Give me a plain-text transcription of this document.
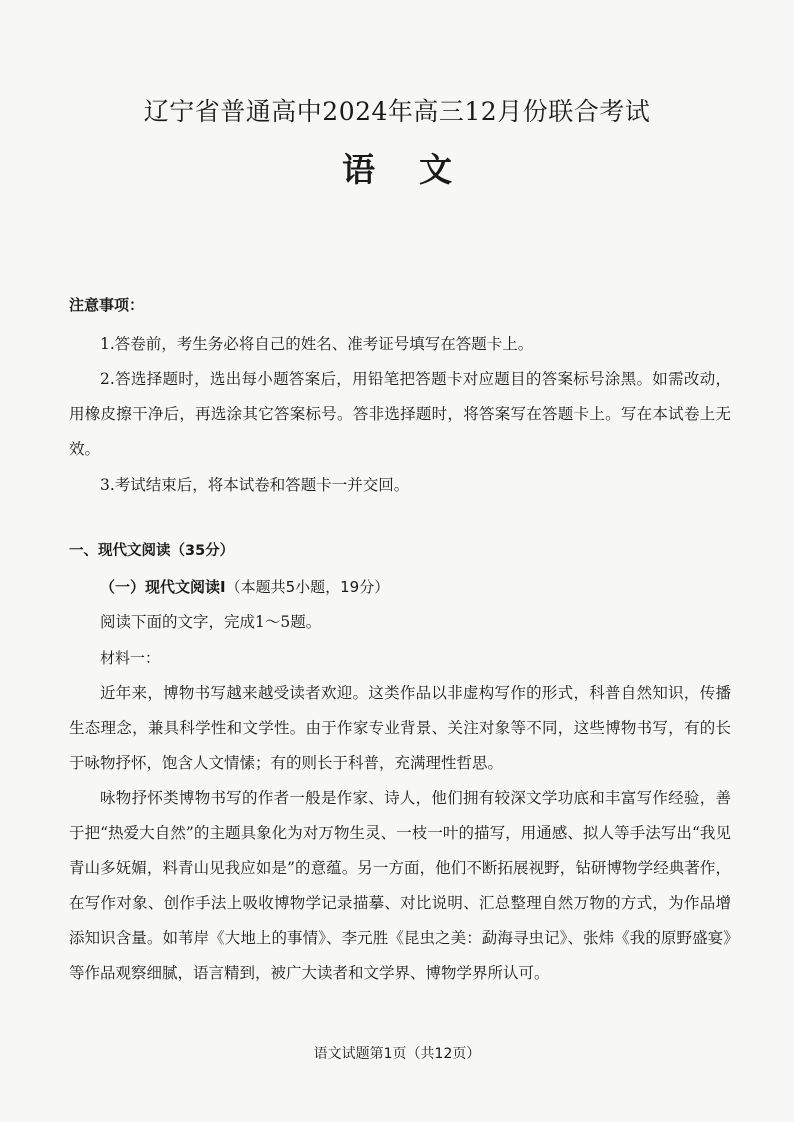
辽宁省普通高中2024年高三12月份联合考试
语文
注意事项：

1.答卷前，考生务必将自己的姓名、准考证号填写在答题卡上。

2.答选择题时，选出每小题答案后，用铅笔把答题卡对应题目的答案标号涂黑。如需改动，用橡皮擦干净后，再选涂其它答案标号。答非选择题时，将答案写在答题卡上。写在本试卷上无效。

3.考试结束后，将本试卷和答题卡一并交回。

一、现代文阅读（35分）
（一）现代文阅读Ⅰ（本题共5小题，19分）
阅读下面的文字，完成1～5题。
材料一：

近年来，博物书写越来越受读者欢迎。这类作品以非虚构写作的形式，科普自然知识，传播生态理念，兼具科学性和文学性。由于作家专业背景、关注对象等不同，这些博物书写，有的长于咏物抒怀，饱含人文情愫；有的则长于科普，充满理性哲思。

咏物抒怀类博物书写的作者一般是作家、诗人，他们拥有较深文学功底和丰富写作经验，善于把“热爱大自然”的主题具象化为对万物生灵、一枝一叶的描写，用通感、拟人等手法写出“我见青山多妩媚，料青山见我应如是”的意蕴。另一方面，他们不断拓展视野，钻研博物学经典著作，在写作对象、创作手法上吸收博物学记录描摹、对比说明、汇总整理自然万物的方式，为作品增添知识含量。如苇岸《大地上的事情》、李元胜《昆虫之美：勐海寻虫记》、张炜《我的原野盛宴》等作品观察细腻，语言精到，被广大读者和文学界、博物学界所认可。

语文试题第1页（共12页）
